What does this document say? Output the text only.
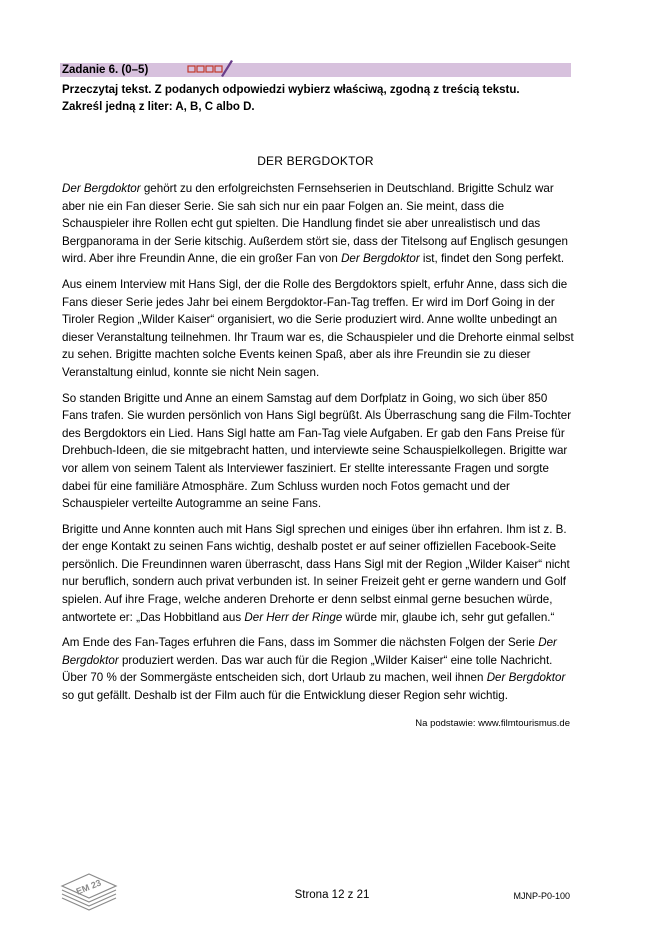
Zadanie 6. (0–5)

Przeczytaj tekst. Z podanych odpowiedzi wybierz właściwą, zgodną z treścią tekstu.

Zakreśl jedną z liter: A, B, C albo D.

DER BERGDOKTOR

Der Bergdoktor gehört zu den erfolgreichsten Fernsehserien in Deutschland. Brigitte Schulz war aber nie ein Fan dieser Serie. Sie sah sich nur ein paar Folgen an. Sie meint, dass die Schauspieler ihre Rollen echt gut spielten. Die Handlung findet sie aber unrealistisch und das Bergpanorama in der Serie kitschig. Außerdem stört sie, dass der Titelsong auf Englisch gesungen wird. Aber ihre Freundin Anne, die ein großer Fan von Der Bergdoktor ist, findet den Song perfekt.

Aus einem Interview mit Hans Sigl, der die Rolle des Bergdoktors spielt, erfuhr Anne, dass sich die Fans dieser Serie jedes Jahr bei einem Bergdoktor-Fan-Tag treffen. Er wird im Dorf Going in der Tiroler Region „Wilder Kaiser“ organisiert, wo die Serie produziert wird. Anne wollte unbedingt an dieser Veranstaltung teilnehmen. Ihr Traum war es, die Schauspieler und die Drehorte einmal selbst zu sehen. Brigitte machten solche Events keinen Spaß, aber als ihre Freundin sie zu dieser Veranstaltung einlud, konnte sie nicht Nein sagen.

So standen Brigitte und Anne an einem Samstag auf dem Dorfplatz in Going, wo sich über 850 Fans trafen. Sie wurden persönlich von Hans Sigl begrüßt. Als Überraschung sang die Film-Tochter des Bergdoktors ein Lied. Hans Sigl hatte am Fan-Tag viele Aufgaben. Er gab den Fans Preise für Drehbuch-Ideen, die sie mitgebracht hatten, und interviewte seine Schauspielkollegen. Brigitte war vor allem von seinem Talent als Interviewer fasziniert. Er stellte interessante Fragen und sorgte dabei für eine familiäre Atmosphäre. Zum Schluss wurden noch Fotos gemacht und der Schauspieler verteilte Autogramme an seine Fans.

Brigitte und Anne konnten auch mit Hans Sigl sprechen und einiges über ihn erfahren. Ihm ist z. B. der enge Kontakt zu seinen Fans wichtig, deshalb postet er auf seiner offiziellen Facebook-Seite persönlich. Die Freundinnen waren überrascht, dass Hans Sigl mit der Region „Wilder Kaiser“ nicht nur beruflich, sondern auch privat verbunden ist. In seiner Freizeit geht er gerne wandern und Golf spielen. Auf ihre Frage, welche anderen Drehorte er denn selbst einmal gerne besuchen würde, antwortete er: „Das Hobbitland aus Der Herr der Ringe würde mir, glaube ich, sehr gut gefallen.“

Am Ende des Fan-Tages erfuhren die Fans, dass im Sommer die nächsten Folgen der Serie Der Bergdoktor produziert werden. Das war auch für die Region „Wilder Kaiser“ eine tolle Nachricht. Über 70 % der Sommergäste entscheiden sich, dort Urlaub zu machen, weil ihnen Der Bergdoktor so gut gefällt. Deshalb ist der Film auch für die Entwicklung dieser Region sehr wichtig.

Na podstawie: www.filmtourismus.de
EM 23	Strona 12 z 21	MJNP-P0-100
